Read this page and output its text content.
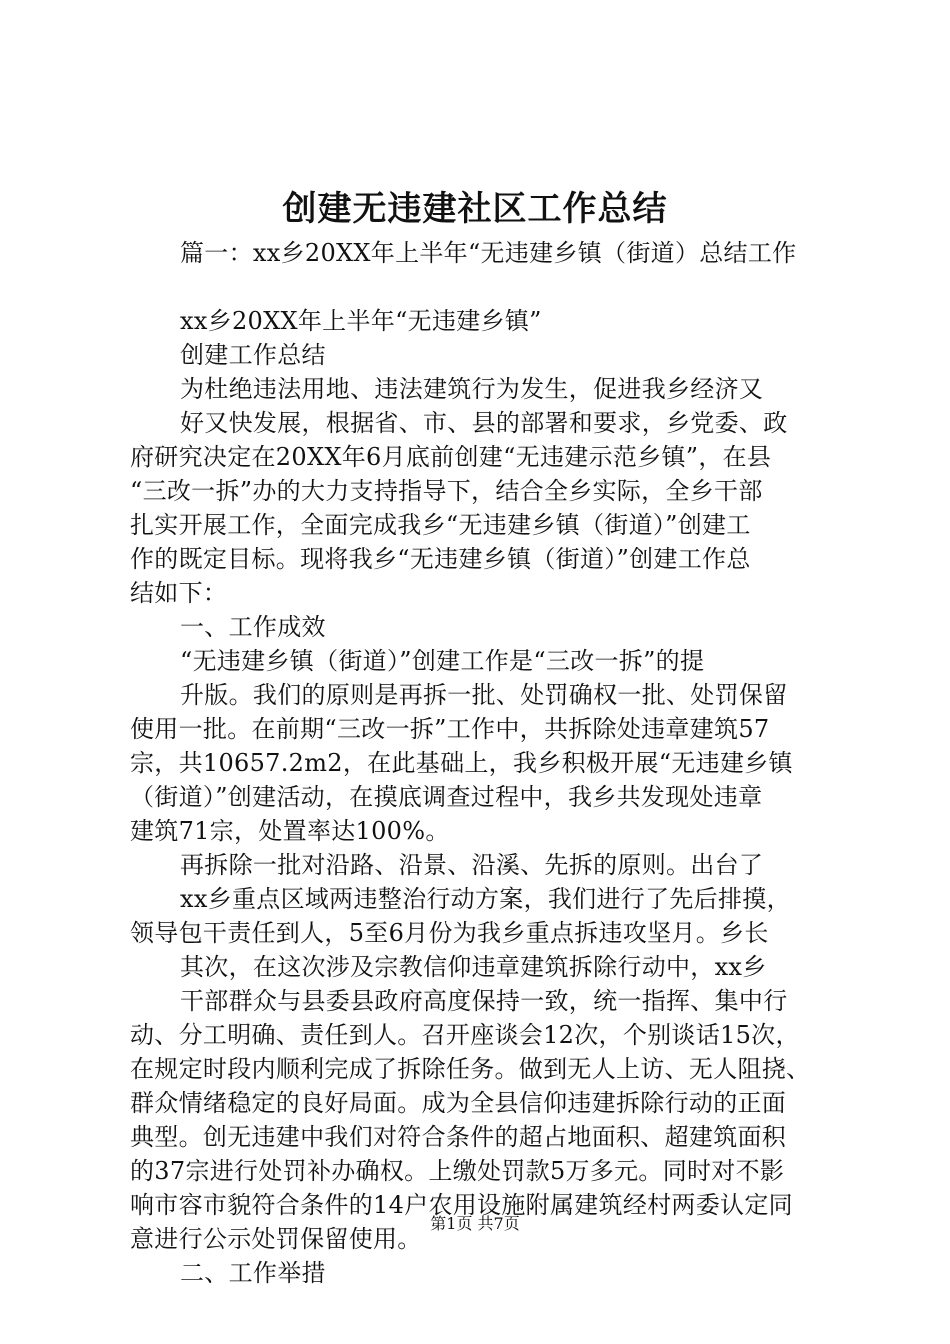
创建无违建社区工作总结
篇一：xx乡20XX年上半年“无违建乡镇（街道）总结工作
xx乡20XX年上半年“无违建乡镇”
创建工作总结
为杜绝违法用地、违法建筑行为发生，促进我乡经济又
好又快发展，根据省、市、县的部署和要求，乡党委、政
府研究决定在20XX年6月底前创建“无违建示范乡镇”，在县
“三改一拆”办的大力支持指导下，结合全乡实际，全乡干部
扎实开展工作，全面完成我乡“无违建乡镇（街道）”创建工
作的既定目标。现将我乡“无违建乡镇（街道）”创建工作总
结如下：
一、工作成效
“无违建乡镇（街道）”创建工作是“三改一拆”的提
升版。我们的原则是再拆一批、处罚确权一批、处罚保留
使用一批。在前期“三改一拆”工作中，共拆除处违章建筑57
宗，共10657.2m2，在此基础上，我乡积极开展“无违建乡镇
（街道）”创建活动，在摸底调查过程中，我乡共发现处违章
建筑71宗，处置率达100%。
再拆除一批对沿路、沿景、沿溪、先拆的原则。出台了
xx乡重点区域两违整治行动方案，我们进行了先后排摸，
领导包干责任到人，5至6月份为我乡重点拆违攻坚月。乡长
其次，在这次涉及宗教信仰违章建筑拆除行动中，xx乡
干部群众与县委县政府高度保持一致，统一指挥、集中行
动、分工明确、责任到人。召开座谈会12次，个别谈话15次，
在规定时段内顺利完成了拆除任务。做到无人上访、无人阻挠、
群众情绪稳定的良好局面。成为全县信仰违建拆除行动的正面
典型。创无违建中我们对符合条件的超占地面积、超建筑面积
的37宗进行处罚补办确权。上缴处罚款5万多元。同时对不影
响市容市貌符合条件的14户农用设施附属建筑经村两委认定同
意进行公示处罚保留使用。
二、工作举措
第1页 共7页
